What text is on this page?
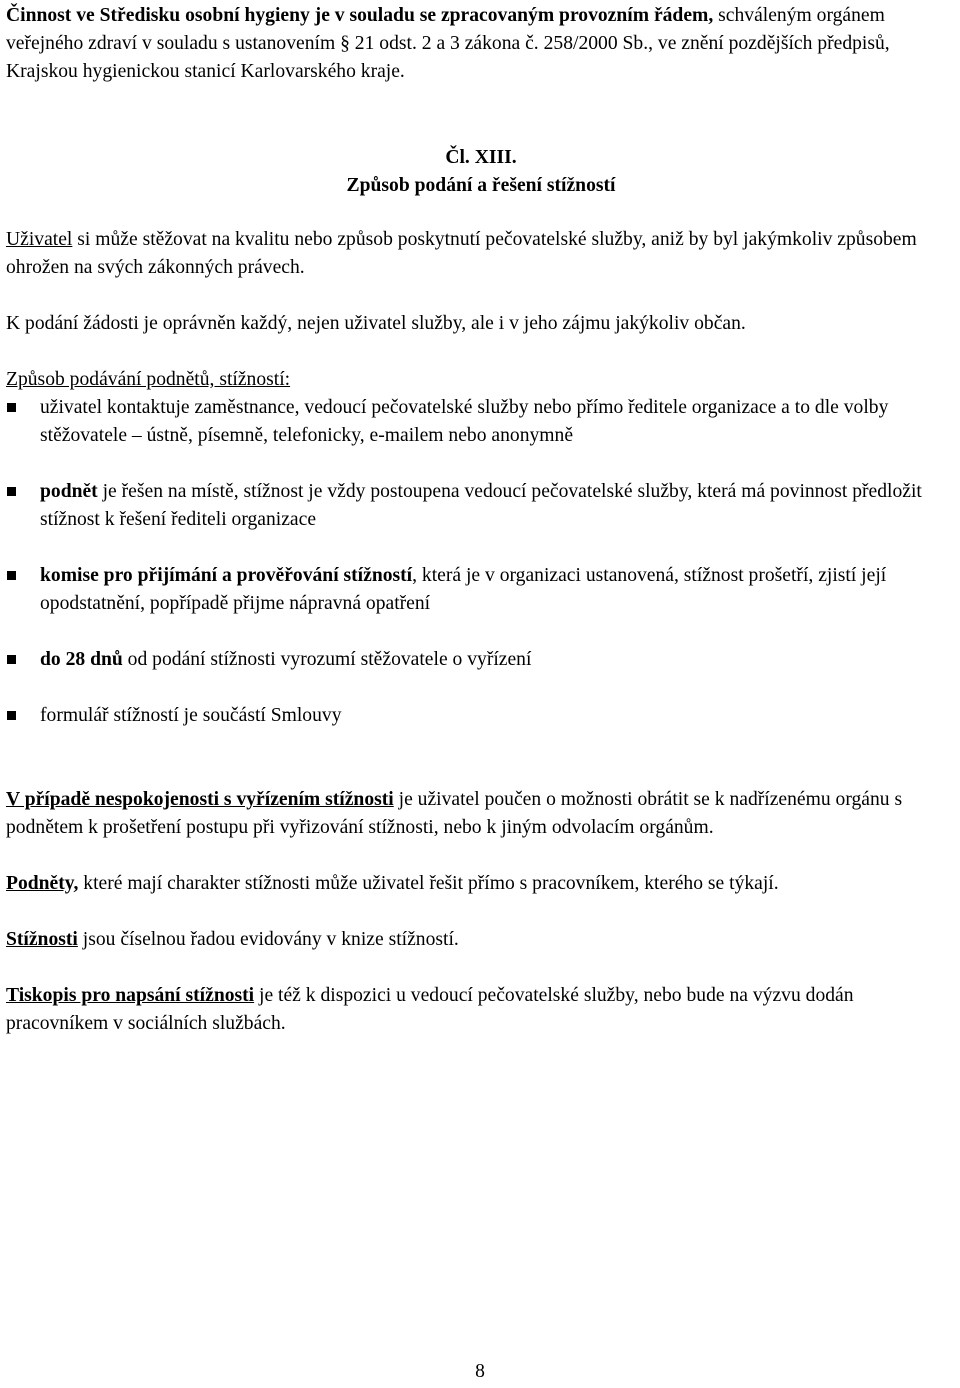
Činnost ve Středisku osobní hygieny je v souladu se zpracovaným provozním řádem, schváleným orgánem veřejného zdraví v souladu s ustanovením § 21 odst. 2 a 3 zákona č. 258/2000 Sb., ve znění pozdějších předpisů, Krajskou hygienickou stanicí Karlovarského kraje.

Čl. XIII.

Způsob podání a řešení stížností

Uživatel si může stěžovat na kvalitu nebo způsob poskytnutí pečovatelské služby, aniž by byl jakýmkoliv způsobem ohrožen na svých zákonných právech.

K podání žádosti je oprávněn každý, nejen uživatel služby, ale i v jeho zájmu jakýkoliv občan.

Způsob podávání podnětů, stížností:

uživatel kontaktuje zaměstnance, vedoucí pečovatelské služby nebo přímo ředitele organizace a to dle volby stěžovatele – ústně, písemně, telefonicky, e-mailem nebo anonymně
podnět je řešen na místě, stížnost je vždy postoupena vedoucí pečovatelské služby, která má povinnost předložit stížnost k řešení řediteli organizace
komise pro přijímání a prověřování stížností, která je v organizaci ustanovená, stížnost prošetří, zjistí její opodstatnění, popřípadě přijme nápravná opatření
do 28 dnů od podání stížnosti vyrozumí stěžovatele o vyřízení
formulář stížností je součástí Smlouvy

V případě nespokojenosti s vyřízením stížnosti je uživatel poučen o možnosti obrátit se k nadřízenému orgánu s podnětem k prošetření postupu při vyřizování stížnosti, nebo k jiným odvolacím orgánům.

Podněty, které mají charakter stížnosti může uživatel řešit přímo s pracovníkem, kterého se týkají.

Stížnosti jsou číselnou řadou evidovány v knize stížností.

Tiskopis pro napsání stížnosti je též k dispozici u vedoucí pečovatelské služby, nebo bude na výzvu dodán pracovníkem v sociálních službách.

8
